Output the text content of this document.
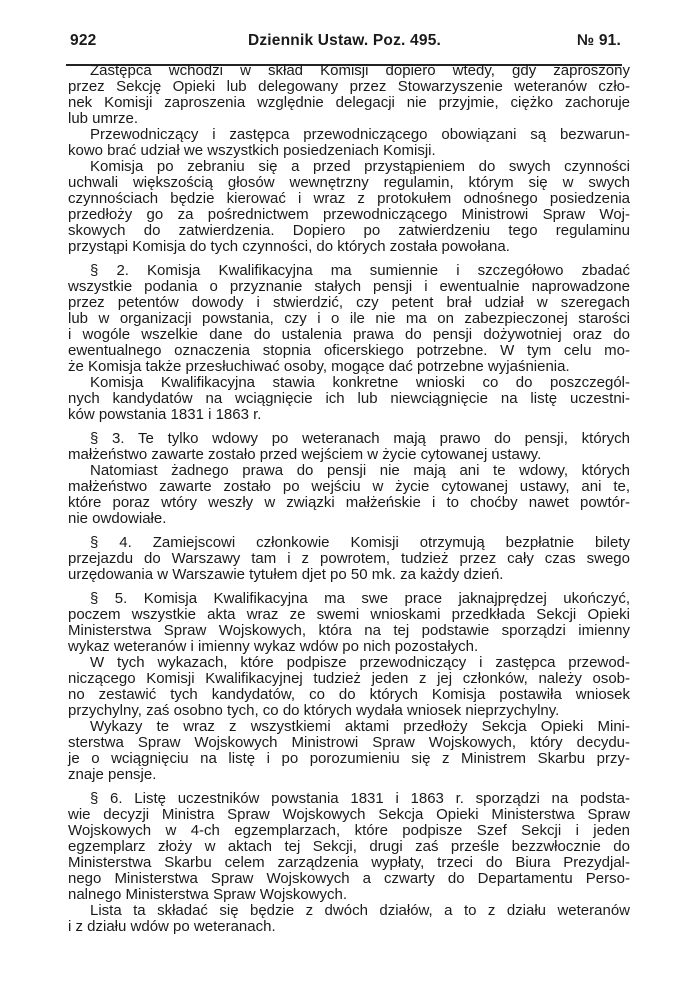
922	Dziennik Ustaw. Poz. 495.	№ 91.
Zastępca wchodzi w skład Komisji dopiero wtedy, gdy zaproszony
przez Sekcję Opieki lub delegowany przez Stowarzyszenie weteranów czło-
nek Komisji zaproszenia względnie delegacji nie przyjmie, ciężko zachoruje
lub umrze.
Przewodniczący i zastępca przewodniczącego obowiązani są bezwarun-
kowo brać udział we wszystkich posiedzeniach Komisji.
Komisja po zebraniu się a przed przystąpieniem do swych czynności
uchwali większością głosów wewnętrzny regulamin, którym się w swych
czynnościach będzie kierować i wraz z protokułem odnośnego posiedzenia
przedłoży go za pośrednictwem przewodniczącego Ministrowi Spraw Woj-
skowych do zatwierdzenia. Dopiero po zatwierdzeniu tego regulaminu
przystąpi Komisja do tych czynności, do których została powołana.
§ 2. Komisja Kwalifikacyjna ma sumiennie i szczegółowo zbadać
wszystkie podania o przyznanie stałych pensji i ewentualnie naprowadzone
przez petentów dowody i stwierdzić, czy petent brał udział w szeregach
lub w organizacji powstania, czy i o ile nie ma on zabezpieczonej starości
i wogóle wszelkie dane do ustalenia prawa do pensji dożywotniej oraz do
ewentualnego oznaczenia stopnia oficerskiego potrzebne. W tym celu mo-
że Komisja także przesłuchiwać osoby, mogące dać potrzebne wyjaśnienia.
Komisja Kwalifikacyjna stawia konkretne wnioski co do poszczegól-
nych kandydatów na wciągnięcie ich lub niewciągnięcie na listę uczestni-
ków powstania 1831 i 1863 r.
§ 3. Te tylko wdowy po weteranach mają prawo do pensji, których
małżeństwo zawarte zostało przed wejściem w życie cytowanej ustawy.
Natomiast żadnego prawa do pensji nie mają ani te wdowy, których
małżeństwo zawarte zostało po wejściu w życie cytowanej ustawy, ani te,
które poraz wtóry weszły w związki małżeńskie i to choćby nawet powtór-
nie owdowiałe.
§ 4. Zamiejscowi członkowie Komisji otrzymują bezpłatnie bilety
przejazdu do Warszawy tam i z powrotem, tudzież przez cały czas swego
urzędowania w Warszawie tytułem djet po 50 mk. za każdy dzień.
§ 5. Komisja Kwalifikacyjna ma swe prace jaknajprędzej ukończyć,
poczem wszystkie akta wraz ze swemi wnioskami przedkłada Sekcji Opieki
Ministerstwa Spraw Wojskowych, która na tej podstawie sporządzi imienny
wykaz weteranów i imienny wykaz wdów po nich pozostałych.
W tych wykazach, które podpisze przewodniczący i zastępca przewod-
niczącego Komisji Kwalifikacyjnej tudzież jeden z jej członków, należy osob-
no zestawić tych kandydatów, co do których Komisja postawiła wniosek
przychylny, zaś osobno tych, co do których wydała wniosek nieprzychylny.
Wykazy te wraz z wszystkiemi aktami przedłoży Sekcja Opieki Mini-
sterstwa Spraw Wojskowych Ministrowi Spraw Wojskowych, który decydu-
je o wciągnięciu na listę i po porozumieniu się z Ministrem Skarbu przy-
znaje pensje.
§ 6. Listę uczestników powstania 1831 i 1863 r. sporządzi na podsta-
wie decyzji Ministra Spraw Wojskowych Sekcja Opieki Ministerstwa Spraw
Wojskowych w 4-ch egzemplarzach, które podpisze Szef Sekcji i jeden
egzemplarz złoży w aktach tej Sekcji, drugi zaś prześle bezzwłocznie do
Ministerstwa Skarbu celem zarządzenia wypłaty, trzeci do Biura Prezydjal-
nego Ministerstwa Spraw Wojskowych a czwarty do Departamentu Perso-
nalnego Ministerstwa Spraw Wojskowych.
Lista ta składać się będzie z dwóch działów, a to z działu weteranów
i z działu wdów po weteranach.
